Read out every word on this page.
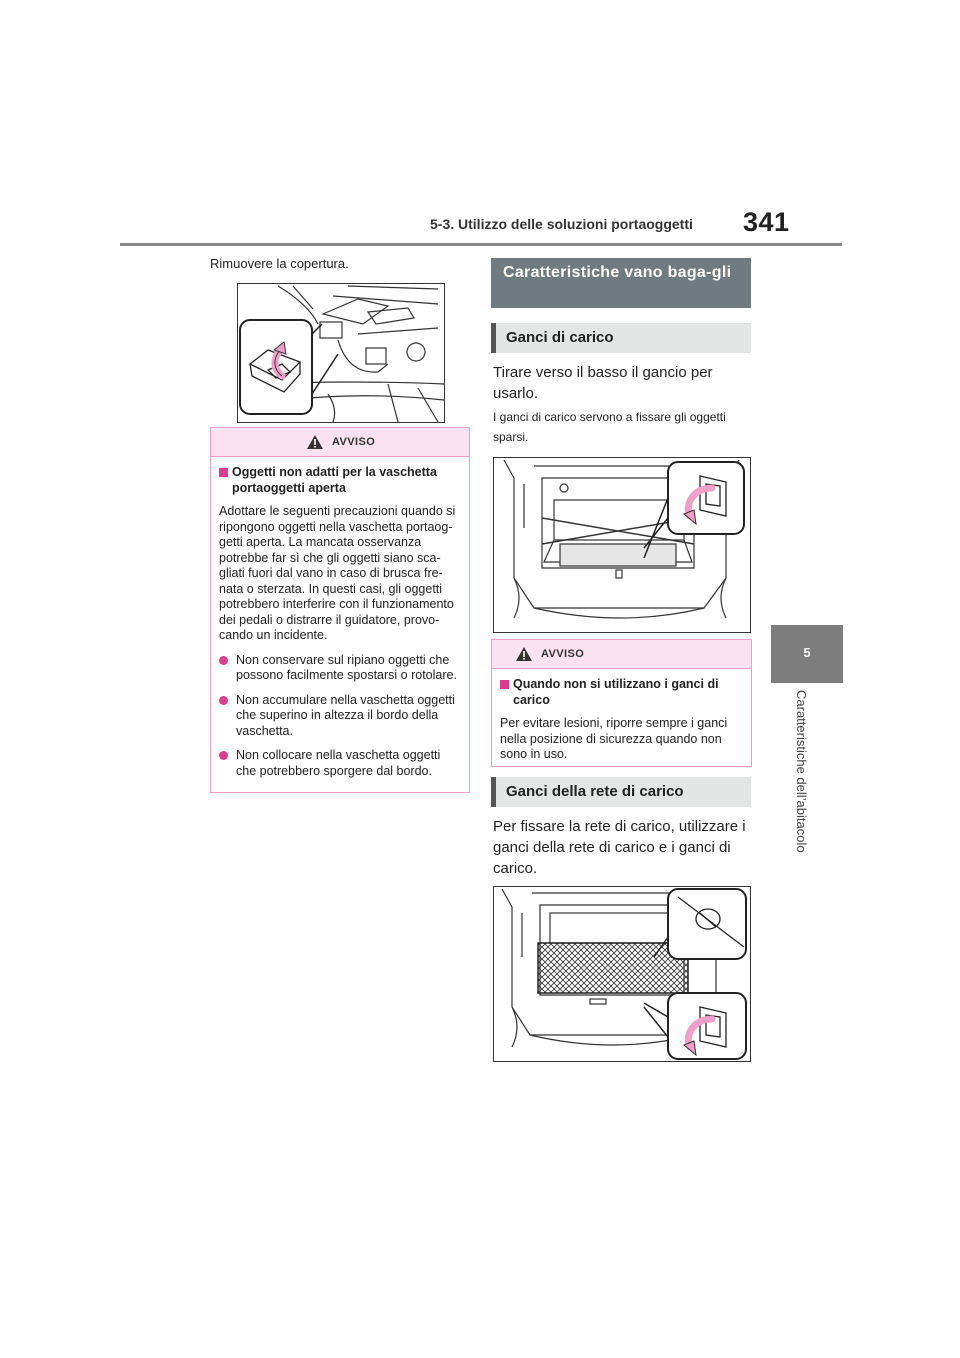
5-3. Utilizzo delle soluzioni portaoggetti 341
5
Caratteristiche dell’abitacolo
Rimuovere la copertura.
AVVISO
Oggetti non adatti per la vaschetta portaoggetti aperta
Adottare le seguenti precauzioni quando si ripongono oggetti nella vaschetta portaog-getti aperta. La mancata osservanza potrebbe far sì che gli oggetti siano sca-gliati fuori dal vano in caso di brusca fre-nata o sterzata. In questi casi, gli oggetti potrebbero interferire con il funzionamento dei pedali o distrarre il guidatore, provo-cando un incidente.
Non conservare sul ripiano oggetti che possono facilmente spostarsi o rotolare.
Non accumulare nella vaschetta oggetti che superino in altezza il bordo della vaschetta.
Non collocare nella vaschetta oggetti che potrebbero sporgere dal bordo.
Caratteristiche vano baga-gli
Ganci di carico
Tirare verso il basso il gancio per usarlo.
I ganci di carico servono a fissare gli oggetti sparsi.
AVVISO
Quando non si utilizzano i ganci di carico
Per evitare lesioni, riporre sempre i ganci nella posizione di sicurezza quando non sono in uso.
Ganci della rete di carico
Per fissare la rete di carico, utilizzare i ganci della rete di carico e i ganci di carico.
